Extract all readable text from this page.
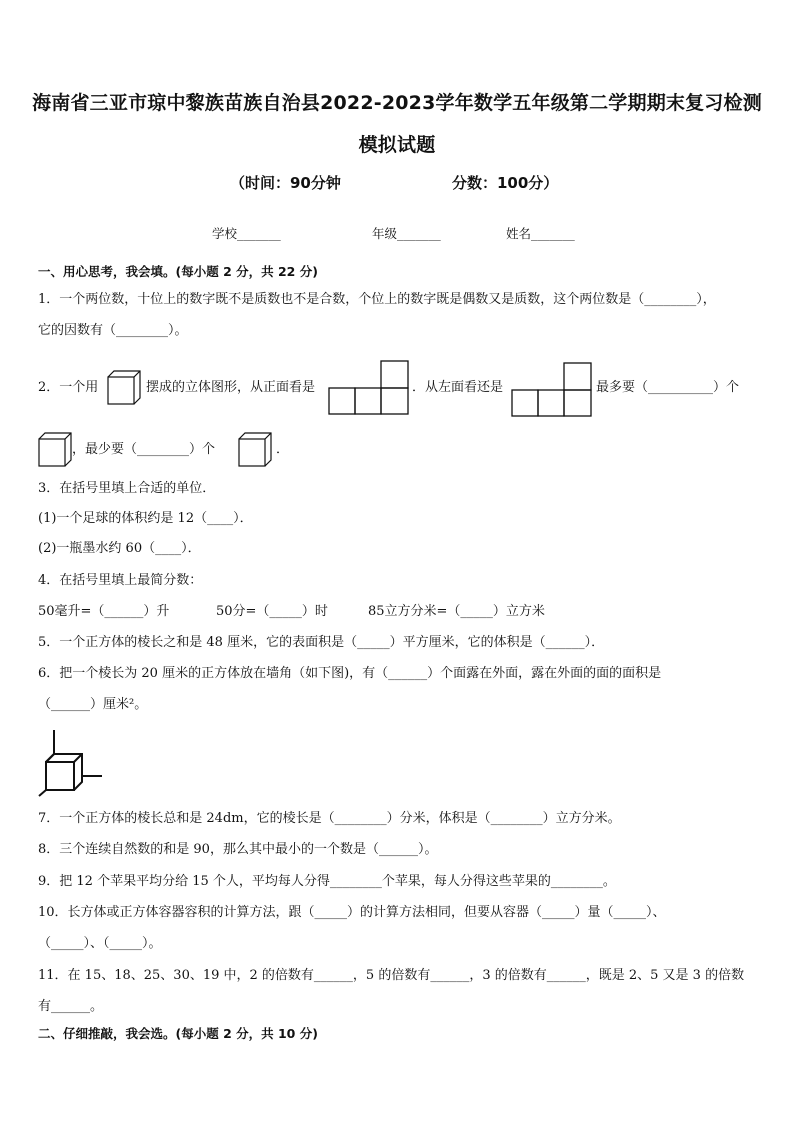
海南省三亚市琼中黎族苗族自治县2022-2023学年数学五年级第二学期期末复习检测
模拟试题
（时间：90分钟	分数：100分）
学校_______	年级_______	姓名_______
一、用心思考，我会填。(每小题 2 分，共 22 分)
1．一个两位数，十位上的数字既不是质数也不是合数，个位上的数字既是偶数又是质数，这个两位数是（________），
它的因数有（________）。
2．一个用	摆成的立体图形，从正面看是	．从左面看还是	最多要（__________）个
，最少要（________）个	．
3．在括号里填上合适的单位．
(1)一个足球的体积约是 12（____）．
(2)一瓶墨水约 60（____）．
4．在括号里填上最简分数：
50毫升=（______）升	50分=（_____）时	85立方分米=（_____）立方米
5．一个正方体的棱长之和是 48 厘米，它的表面积是（_____）平方厘米，它的体积是（______）．
6．把一个棱长为 20 厘米的正方体放在墙角（如下图)，有（______）个面露在外面，露在外面的面的面积是
（______）厘米²。
7．一个正方体的棱长总和是 24dm，它的棱长是（________）分米，体积是（________）立方分米。
8．三个连续自然数的和是 90，那么其中最小的一个数是（______）。
9．把 12 个苹果平均分给 15 个人，平均每人分得________个苹果，每人分得这些苹果的________。
10．长方体或正方体容器容积的计算方法，跟（_____）的计算方法相同，但要从容器（_____）量（_____）、
（_____）、（_____）。
11．在 15、18、25、30、19 中，2 的倍数有______，5 的倍数有______，3 的倍数有______，既是 2、5 又是 3 的倍数
有______。
二、仔细推敲，我会选。(每小题 2 分，共 10 分)
